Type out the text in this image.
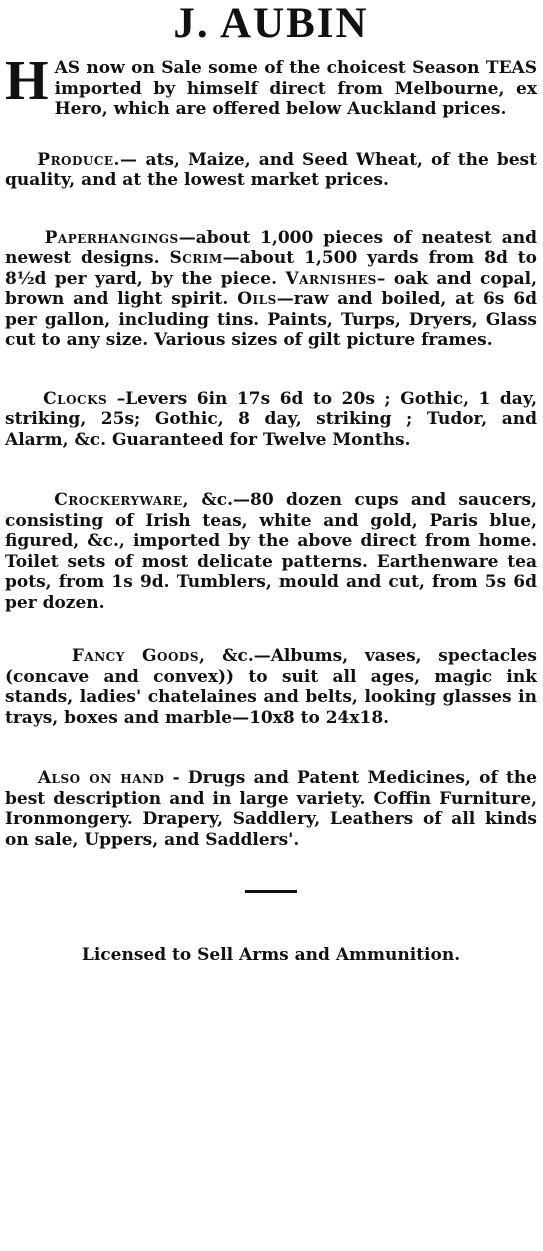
J. AUBIN

HAS now on Sale some of the choicest Season TEAS imported by himself direct from Melbourne, ex Hero, which are offered below Auckland prices.

Produce.— ats, Maize, and Seed Wheat, of the best quality, and at the lowest market prices.

Paperhangings—about 1,000 pieces of neatest and newest designs. Scrim—about 1,500 yards from 8d to 8½d per yard, by the piece. Varnishes– oak and copal, brown and light spirit. Oils—raw and boiled, at 6s 6d per gallon, including tins. Paints, Turps, Dryers, Glass cut to any size. Various sizes of gilt picture frames.

Clocks –Levers 6in 17s 6d to 20s ; Gothic, 1 day, striking, 25s; Gothic, 8 day, striking ; Tudor, and Alarm, &c. Guaranteed for Twelve Months.

Crockeryware, &c.—80 dozen cups and saucers, consisting of Irish teas, white and gold, Paris blue, figured, &c., imported by the above direct from home. Toilet sets of most delicate patterns. Earthenware tea pots, from 1s 9d. Tumblers, mould and cut, from 5s 6d per dozen.

Fancy Goods, &c.—Albums, vases, spectacles (concave and convex)) to suit all ages, magic ink stands, ladies' chatelaines and belts, looking glasses in trays, boxes and marble—10x8 to 24x18.

Also on hand - Drugs and Patent Medicines, of the best description and in large variety. Coffin Furniture, Ironmongery. Drapery, Saddlery, Leathers of all kinds on sale, Uppers, and Saddlers'.

Licensed to Sell Arms and Ammunition.
